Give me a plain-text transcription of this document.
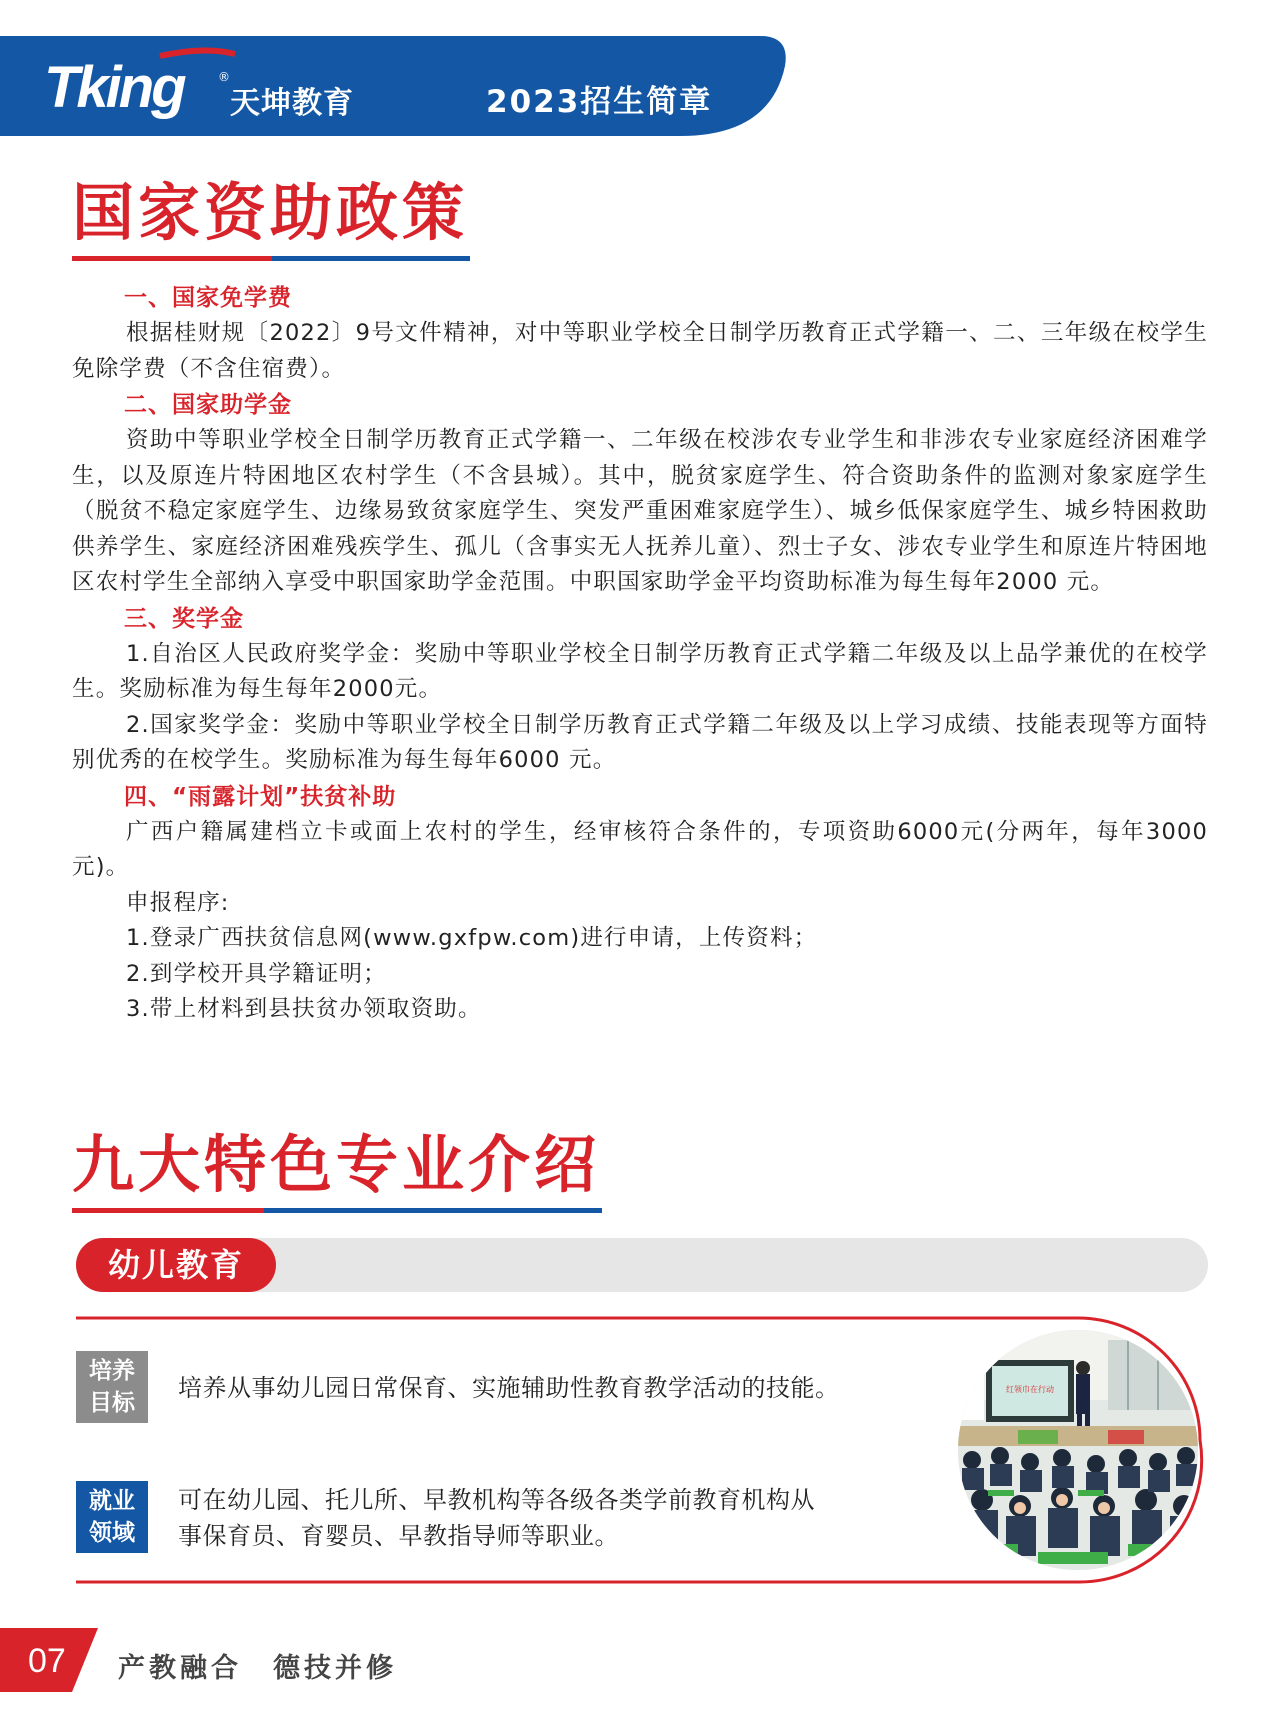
Tking	®
天坤教育	2023招生简章
国家资助政策
一、国家免学费

根据桂财规〔2022〕9号文件精神，对中等职业学校全日制学历教育正式学籍一、二、三年级在校学生免除学费（不含住宿费）。

二、国家助学金

资助中等职业学校全日制学历教育正式学籍一、二年级在校涉农专业学生和非涉农专业家庭经济困难学生，以及原连片特困地区农村学生（不含县城）。其中，脱贫家庭学生、符合资助条件的监测对象家庭学生（脱贫不稳定家庭学生、边缘易致贫家庭学生、突发严重困难家庭学生）、城乡低保家庭学生、城乡特困救助供养学生、家庭经济困难残疾学生、孤儿（含事实无人抚养儿童）、烈士子女、涉农专业学生和原连片特困地区农村学生全部纳入享受中职国家助学金范围。中职国家助学金平均资助标准为每生每年2000 元。

三、奖学金

1.自治区人民政府奖学金：奖励中等职业学校全日制学历教育正式学籍二年级及以上品学兼优的在校学生。奖励标准为每生每年2000元。

2.国家奖学金：奖励中等职业学校全日制学历教育正式学籍二年级及以上学习成绩、技能表现等方面特别优秀的在校学生。奖励标准为每生每年6000 元。

四、“雨露计划”扶贫补助

广西户籍属建档立卡或面上农村的学生，经审核符合条件的，专项资助6000元(分两年，每年3000元)。

申报程序:

1.登录广西扶贫信息网(www.gxfpw.com)进行申请，上传资料；

2.到学校开具学籍证明；

3.带上材料到县扶贫办领取资助。

九大特色专业介绍
幼儿教育
培养
目标
培养从事幼儿园日常保育、实施辅助性教育教学活动的技能。
就业
领域
可在幼儿园、托儿所、早教机构等各级各类学前教育机构从
事保育员、育婴员、早教指导师等职业。
红领巾在行动
07 产教融合　德技并修
